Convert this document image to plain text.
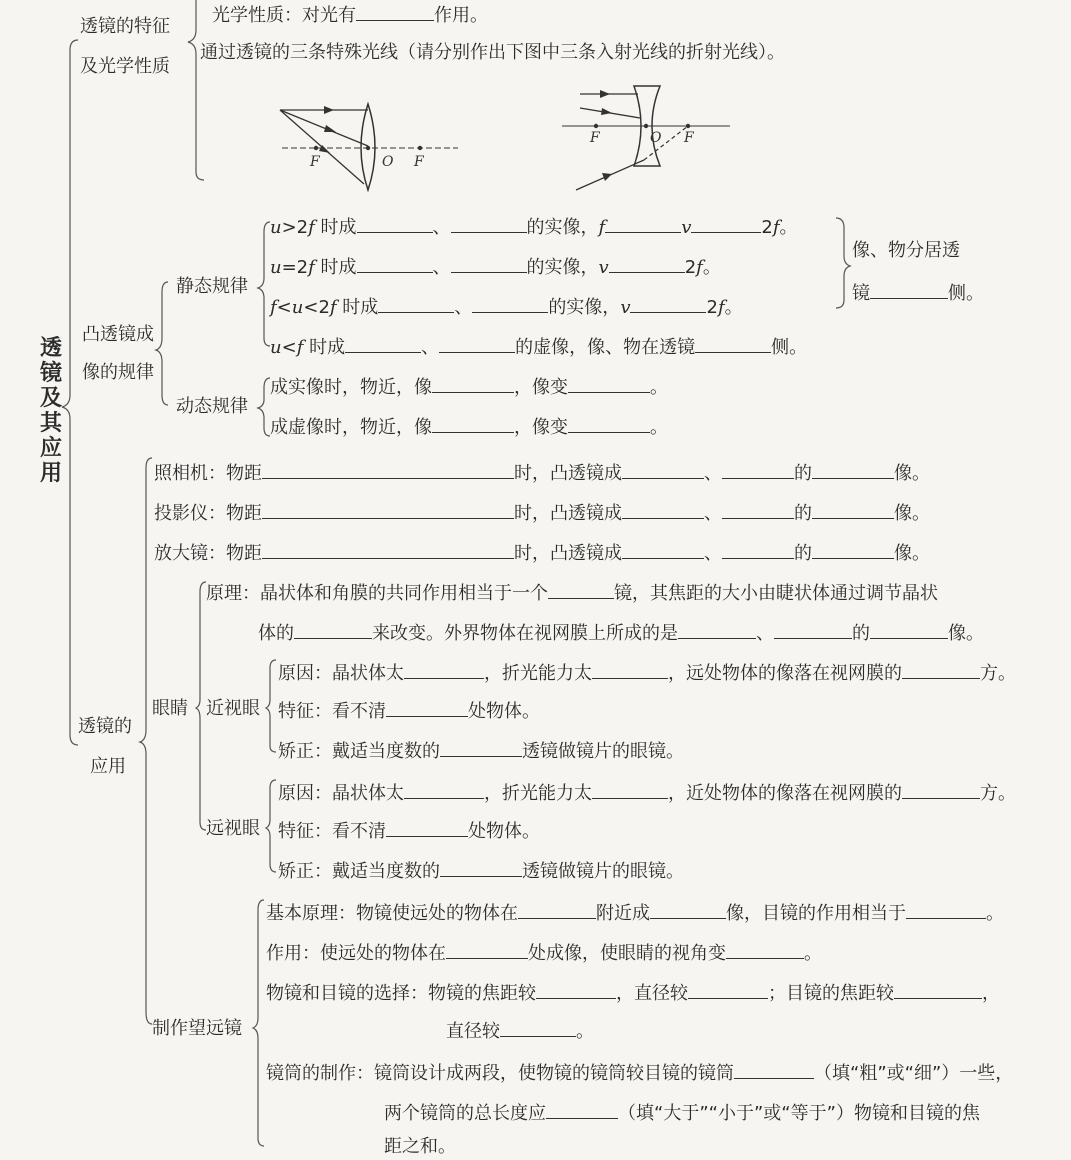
透镜及其应用
透镜的特征
及光学性质
光学性质：对光有	作用。
通过透镜的三条特殊光线（请分别作出下图中三条入射光线的折射光线）。
F	O F
F	O F
凸透镜成
像的规律
静态规律
动态规律
u>2f 时成	、	的实像，f	v	2f。
u=2f 时成	、	的实像，v	2f。
f<u<2f 时成	、	的实像，v	2f。
u<f 时成	、	的虚像，像、物在透镜	侧。
像、物分居透
镜	侧。
成实像时，物近，像	，像变	。
成虚像时，物近，像	，像变	。
透镜的
应用
照相机：物距	时，凸透镜成	、	的	像。
投影仪：物距	时，凸透镜成	、	的	像。
放大镜：物距	时，凸透镜成	、	的	像。
眼睛
原理：晶状体和角膜的共同作用相当于一个	镜，其焦距的大小由睫状体通过调节晶状
体的	来改变。外界物体在视网膜上所成的是	、	的	像。
近视眼
原因：晶状体太	，折光能力太	，远处物体的像落在视网膜的	方。
特征：看不清	处物体。
矫正：戴适当度数的	透镜做镜片的眼镜。
远视眼
原因：晶状体太	，折光能力太	，近处物体的像落在视网膜的	方。
特征：看不清	处物体。
矫正：戴适当度数的	透镜做镜片的眼镜。
制作望远镜
基本原理：物镜使远处的物体在	附近成	像，目镜的作用相当于	。
作用：使远处的物体在	处成像，使眼睛的视角变	。
物镜和目镜的选择：物镜的焦距较	，直径较	；目镜的焦距较	，
直径较	。
镜筒的制作：镜筒设计成两段，使物镜的镜筒较目镜的镜筒	（填“粗”或“细”）一些，
两个镜筒的总长度应	（填“大于”“小于”或“等于”）物镜和目镜的焦
距之和。
